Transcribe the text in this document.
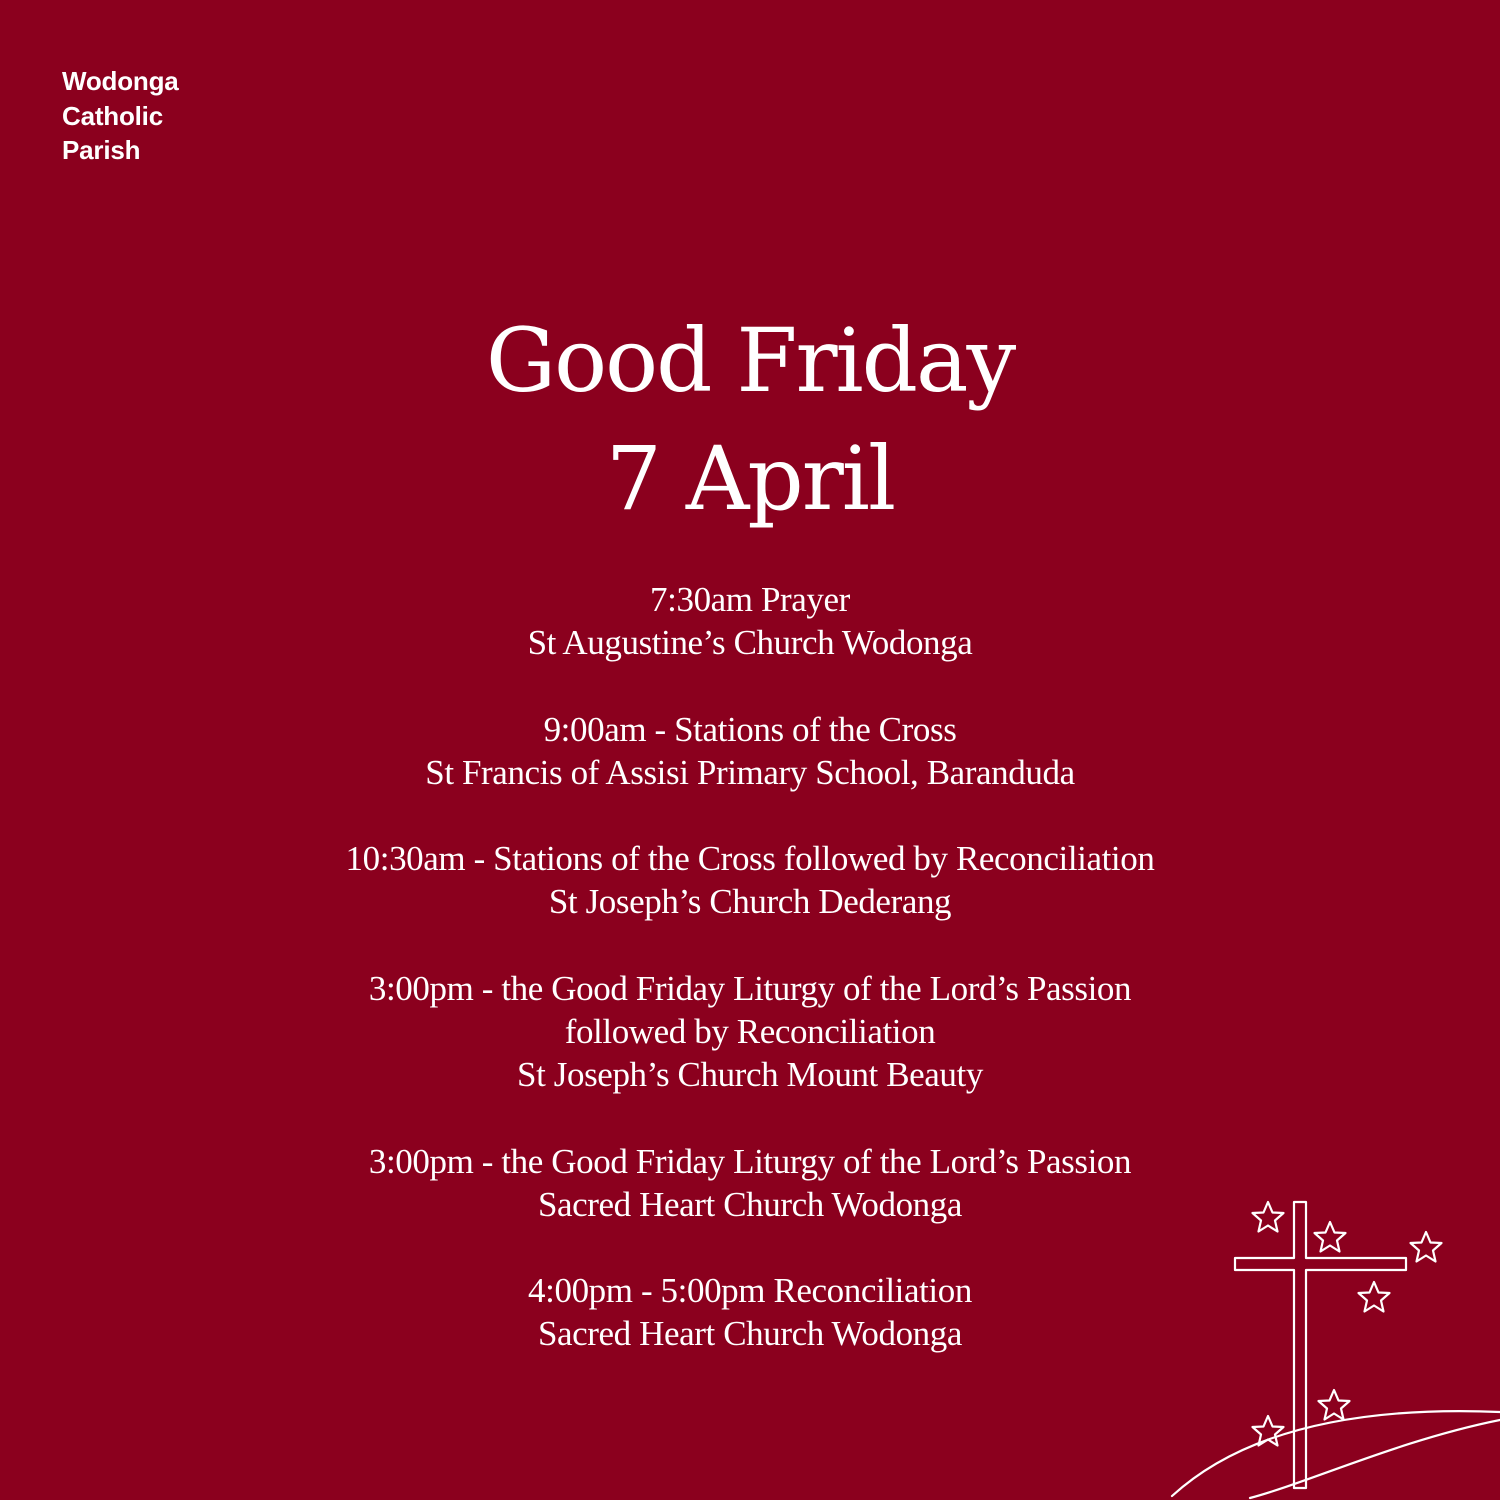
Wodonga
Catholic
Parish
Good Friday
7 April
7:30am Prayer
St Augustine’s Church Wodonga
9:00am - Stations of the Cross
St Francis of Assisi Primary School, Barandudа
10:30am - Stations of the Cross followed by Reconciliation
St Joseph’s Church Dederang
3:00pm - the Good Friday Liturgy of the Lord’s Passion
followed by Reconciliation
St Joseph’s Church Mount Beauty
3:00pm - the Good Friday Liturgy of the Lord’s Passion
Sacred Heart Church Wodonga
4:00pm - 5:00pm Reconciliation
Sacred Heart Church Wodonga
